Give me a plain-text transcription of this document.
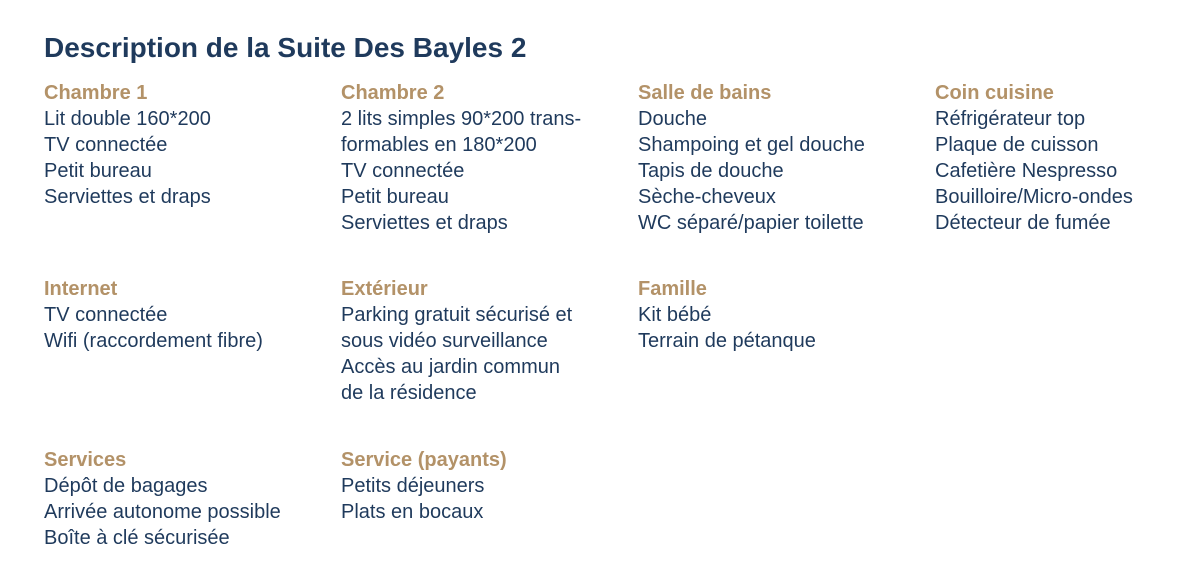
Description de la Suite Des Bayles 2
Chambre 1
Lit double 160*200
TV connectée
Petit bureau
Serviettes et draps
Chambre 2
2 lits simples 90*200 trans-
formables en 180*200
TV connectée
Petit bureau
Serviettes et draps
Salle de bains
Douche
Shampoing et gel douche
Tapis de douche
Sèche-cheveux
WC séparé/papier toilette
Coin cuisine
Réfrigérateur top
Plaque de cuisson
Cafetière Nespresso
Bouilloire/Micro-ondes
Détecteur de fumée
Internet
TV connectée
Wifi (raccordement fibre)
Extérieur
Parking gratuit sécurisé et
sous vidéo surveillance
Accès au jardin commun
de la résidence
Famille
Kit bébé
Terrain de pétanque
Services
Dépôt de bagages
Arrivée autonome possible
Boîte à clé sécurisée
Service (payants)
Petits déjeuners
Plats en bocaux
